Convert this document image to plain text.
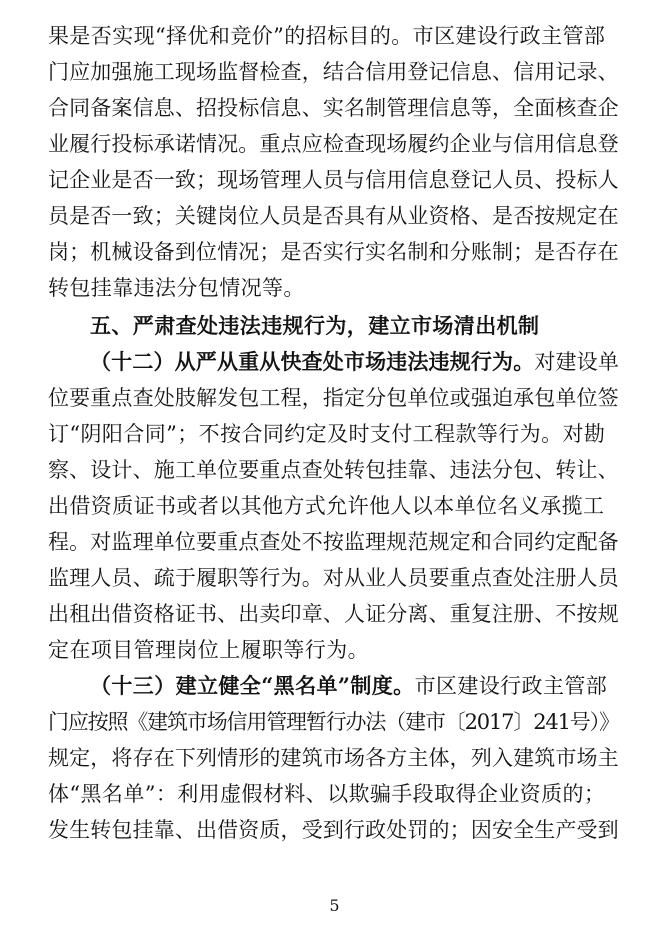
果是否实现“择优和竞价”的招标目的。市区建设行政主管部
门应加强施工现场监督检查，结合信用登记信息、信用记录、
合同备案信息、招投标信息、实名制管理信息等，全面核查企
业履行投标承诺情况。重点应检查现场履约企业与信用信息登
记企业是否一致；现场管理人员与信用信息登记人员、投标人
员是否一致；关键岗位人员是否具有从业资格、是否按规定在
岗；机械设备到位情况；是否实行实名制和分账制；是否存在
转包挂靠违法分包情况等。
五、严肃查处违法违规行为，建立市场清出机制
（十二）从严从重从快查处市场违法违规行为。对建设单
位要重点查处肢解发包工程，指定分包单位或强迫承包单位签
订“阴阳合同”；不按合同约定及时支付工程款等行为。对勘
察、设计、施工单位要重点查处转包挂靠、违法分包、转让、
出借资质证书或者以其他方式允许他人以本单位名义承揽工
程。对监理单位要重点查处不按监理规范规定和合同约定配备
监理人员、疏于履职等行为。对从业人员要重点查处注册人员
出租出借资格证书、出卖印章、人证分离、重复注册、不按规
定在项目管理岗位上履职等行为。
（十三）建立健全“黑名单”制度。市区建设行政主管部
门应按照《建筑市场信用管理暂行办法（建市〔2017〕241号）》
规定，将存在下列情形的建筑市场各方主体，列入建筑市场主
体“黑名单”：利用虚假材料、以欺骗手段取得企业资质的；
发生转包挂靠、出借资质，受到行政处罚的；因安全生产受到
5
